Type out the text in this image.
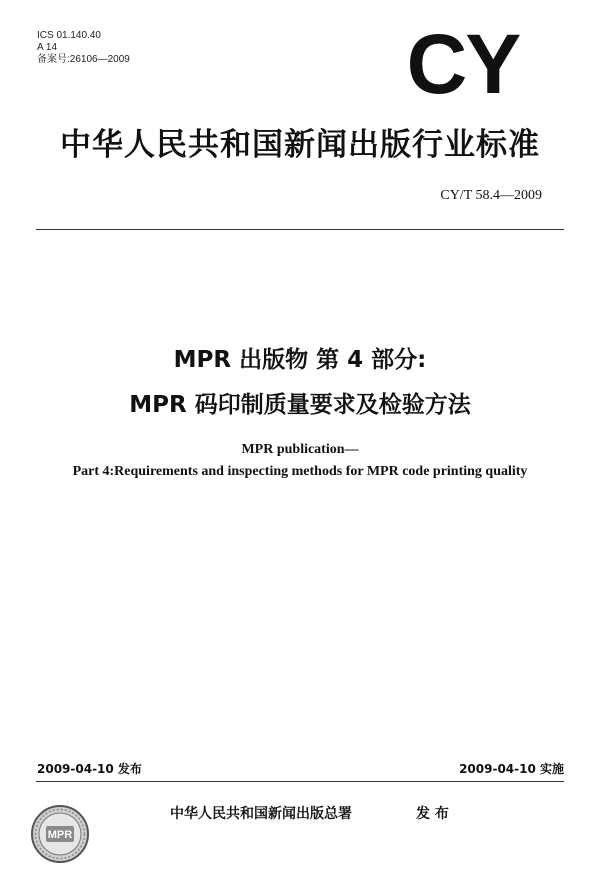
ICS 01.140.40
A 14
备案号:26106—2009	CY
中华人民共和国新闻出版行业标准
CY/T 58.4—2009
MPR 出版物 第 4 部分:
MPR 码印制质量要求及检验方法
MPR publication—
Part 4:Requirements and inspecting methods for MPR code printing quality
2009-04-10 发布	2009-04-10 实施
MPR
中华人民共和国新闻出版总署	发 布
